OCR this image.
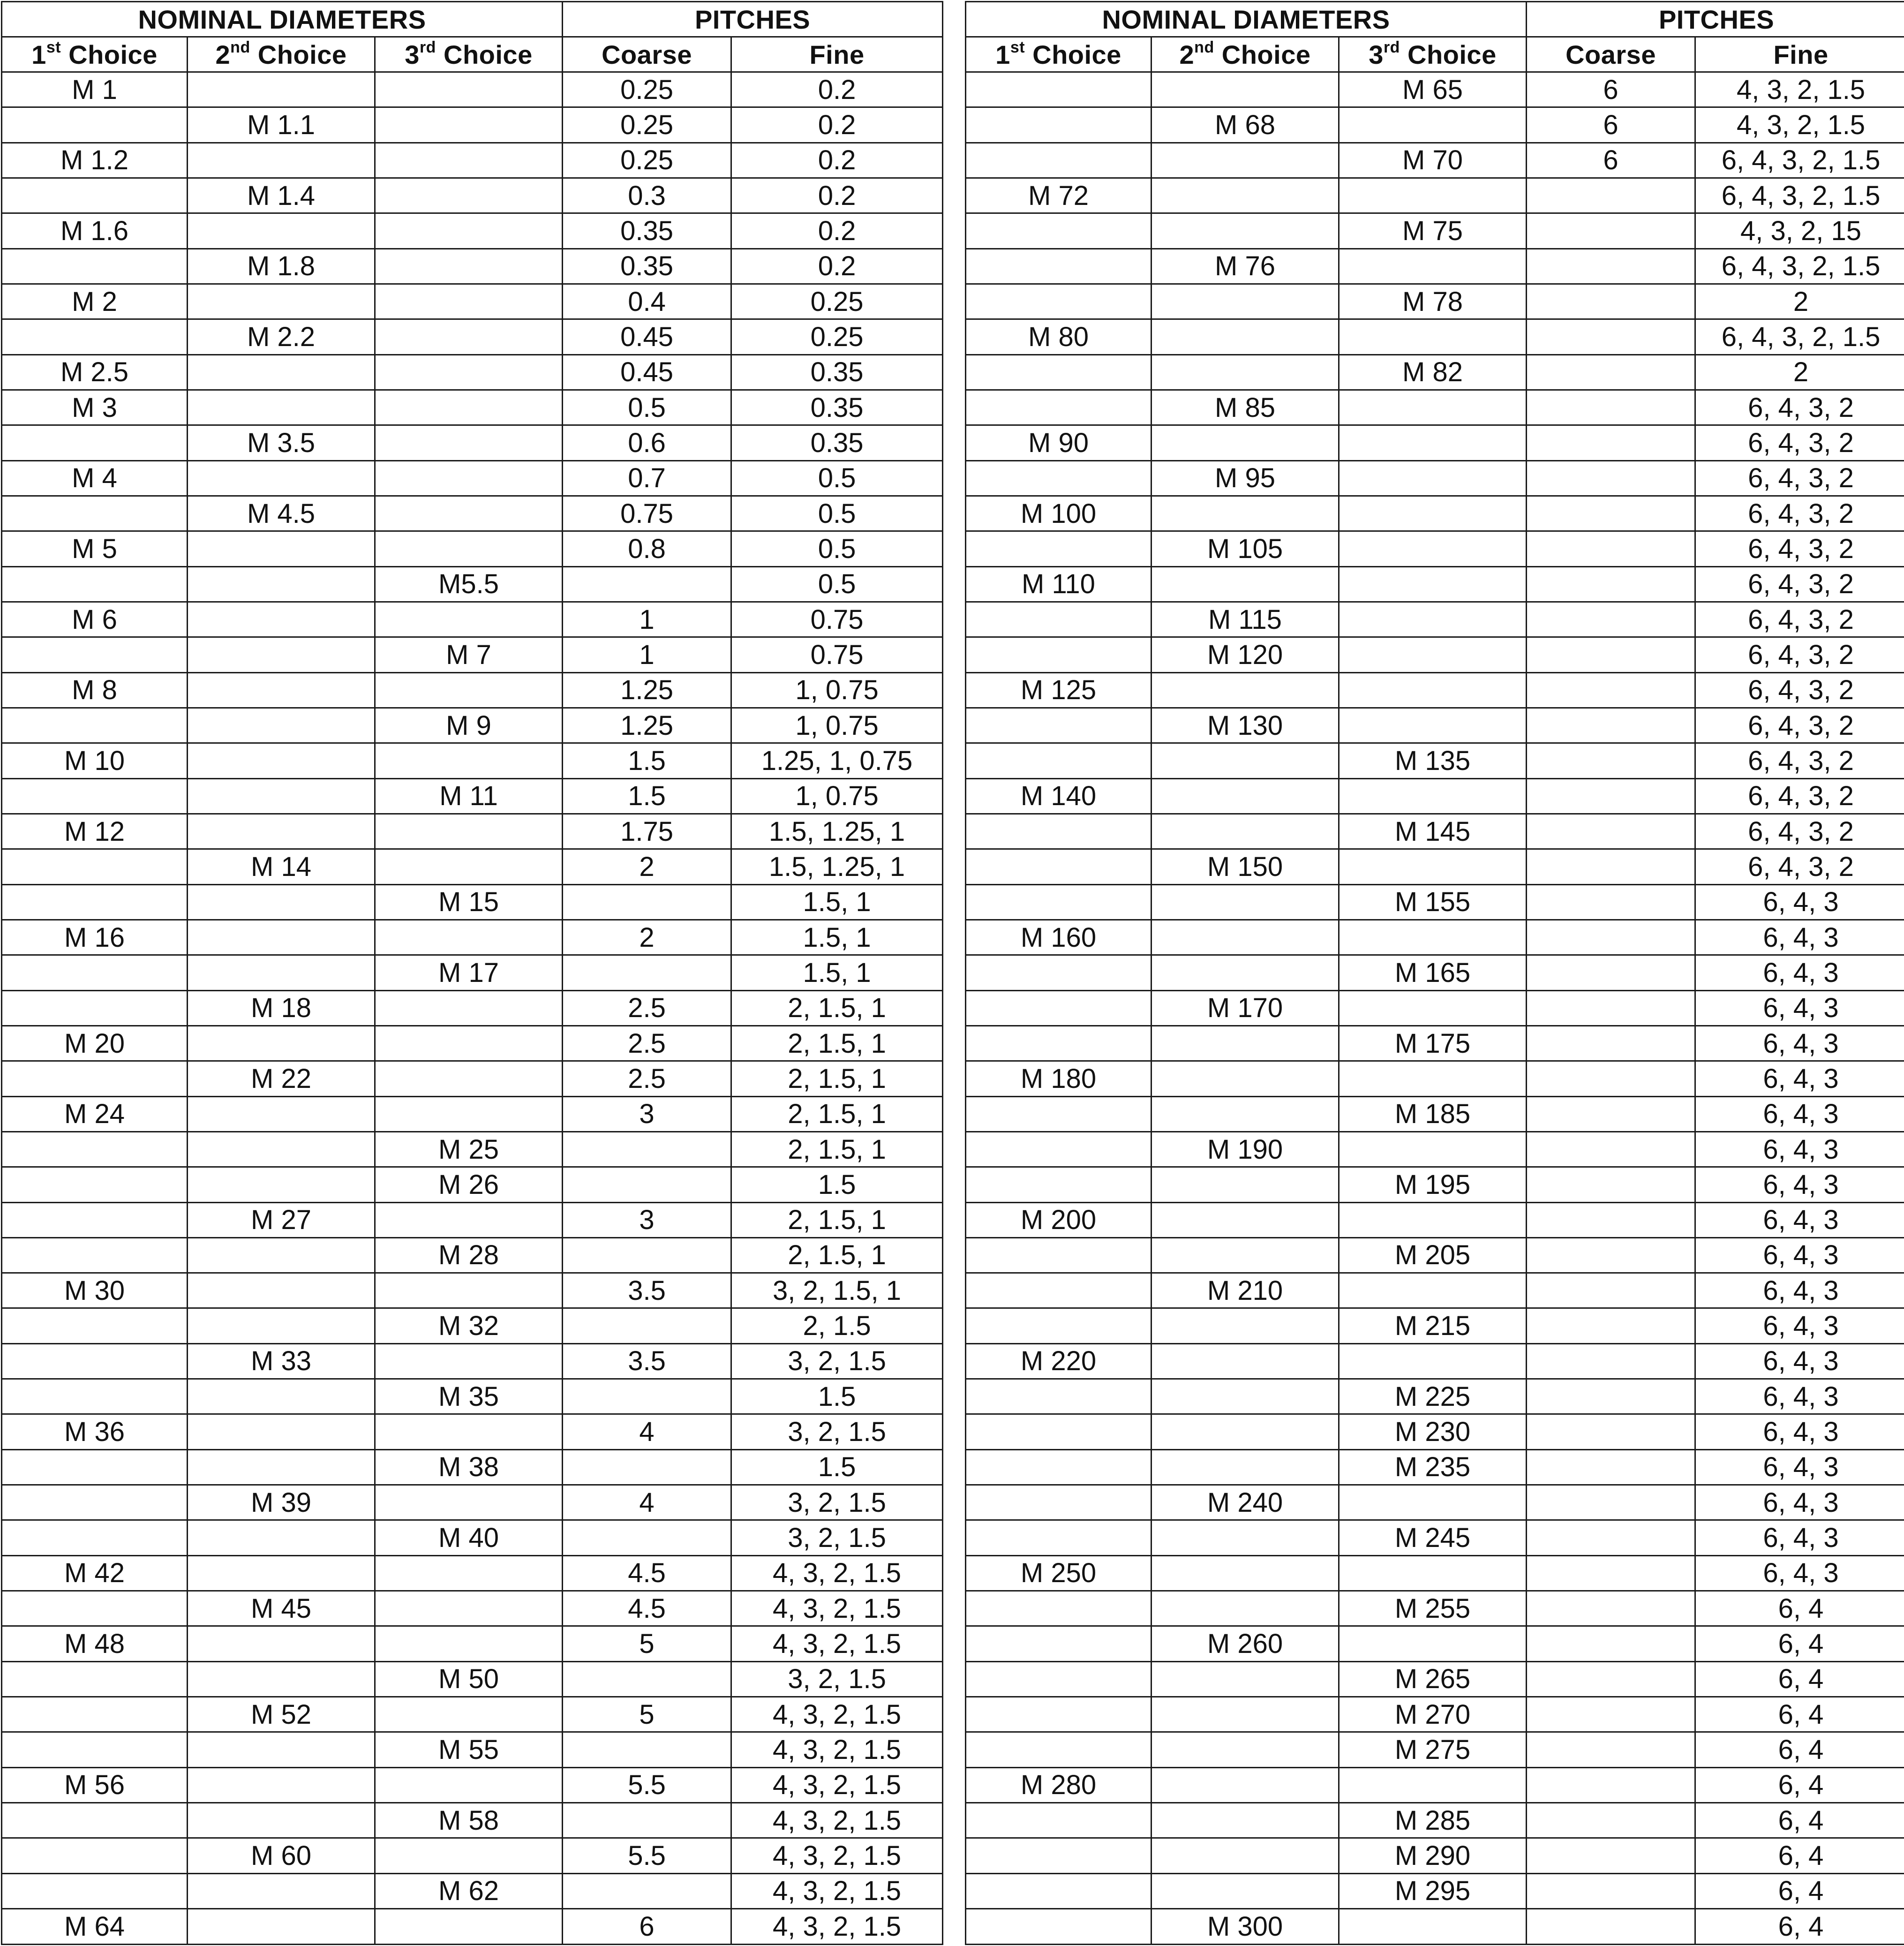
NOMINAL DIAMETERS			PITCHES	
1st Choice	2nd Choice	3rd Choice	Coarse	Fine
M 1			0.25	0.2
	M 1.1		0.25	0.2
M 1.2			0.25	0.2
	M 1.4		0.3	0.2
M 1.6			0.35	0.2
	M 1.8		0.35	0.2
M 2			0.4	0.25
	M 2.2		0.45	0.25
M 2.5			0.45	0.35
M 3			0.5	0.35
	M 3.5		0.6	0.35
M 4			0.7	0.5
	M 4.5		0.75	0.5
M 5			0.8	0.5
		M5.5		0.5
M 6			1	0.75
		M 7	1	0.75
M 8			1.25	1, 0.75
		M 9	1.25	1, 0.75
M 10			1.5	1.25, 1, 0.75
		M 11	1.5	1, 0.75
M 12			1.75	1.5, 1.25, 1
	M 14		2	1.5, 1.25, 1
		M 15		1.5, 1
M 16			2	1.5, 1
		M 17		1.5, 1
	M 18		2.5	2, 1.5, 1
M 20			2.5	2, 1.5, 1
	M 22		2.5	2, 1.5, 1
M 24			3	2, 1.5, 1
		M 25		2, 1.5, 1
		M 26		1.5
	M 27		3	2, 1.5, 1
		M 28		2, 1.5, 1
M 30			3.5	3, 2, 1.5, 1
		M 32		2, 1.5
	M 33		3.5	3, 2, 1.5
		M 35		1.5
M 36			4	3, 2, 1.5
		M 38		1.5
	M 39		4	3, 2, 1.5
		M 40		3, 2, 1.5
M 42			4.5	4, 3, 2, 1.5
	M 45		4.5	4, 3, 2, 1.5
M 48			5	4, 3, 2, 1.5
		M 50		3, 2, 1.5
	M 52		5	4, 3, 2, 1.5
		M 55		4, 3, 2, 1.5
M 56			5.5	4, 3, 2, 1.5
		M 58		4, 3, 2, 1.5
	M 60		5.5	4, 3, 2, 1.5
		M 62		4, 3, 2, 1.5
M 64			6	4, 3, 2, 1.5
NOMINAL DIAMETERS			PITCHES	
1st Choice	2nd Choice	3rd Choice	Coarse	Fine
		M 65	6	4, 3, 2, 1.5
	M 68		6	4, 3, 2, 1.5
		M 70	6	6, 4, 3, 2, 1.5
M 72				6, 4, 3, 2, 1.5
		M 75		4, 3, 2, 15
	M 76			6, 4, 3, 2, 1.5
		M 78		2
M 80				6, 4, 3, 2, 1.5
		M 82		2
	M 85			6, 4, 3, 2
M 90				6, 4, 3, 2
	M 95			6, 4, 3, 2
M 100				6, 4, 3, 2
	M 105			6, 4, 3, 2
M 110				6, 4, 3, 2
	M 115			6, 4, 3, 2
	M 120			6, 4, 3, 2
M 125				6, 4, 3, 2
	M 130			6, 4, 3, 2
		M 135		6, 4, 3, 2
M 140				6, 4, 3, 2
		M 145		6, 4, 3, 2
	M 150			6, 4, 3, 2
		M 155		6, 4, 3
M 160				6, 4, 3
		M 165		6, 4, 3
	M 170			6, 4, 3
		M 175		6, 4, 3
M 180				6, 4, 3
		M 185		6, 4, 3
	M 190			6, 4, 3
		M 195		6, 4, 3
M 200				6, 4, 3
		M 205		6, 4, 3
	M 210			6, 4, 3
		M 215		6, 4, 3
M 220				6, 4, 3
		M 225		6, 4, 3
		M 230		6, 4, 3
		M 235		6, 4, 3
	M 240			6, 4, 3
		M 245		6, 4, 3
M 250				6, 4, 3
		M 255		6, 4
	M 260			6, 4
		M 265		6, 4
		M 270		6, 4
		M 275		6, 4
M 280				6, 4
		M 285		6, 4
		M 290		6, 4
		M 295		6, 4
	M 300			6, 4
